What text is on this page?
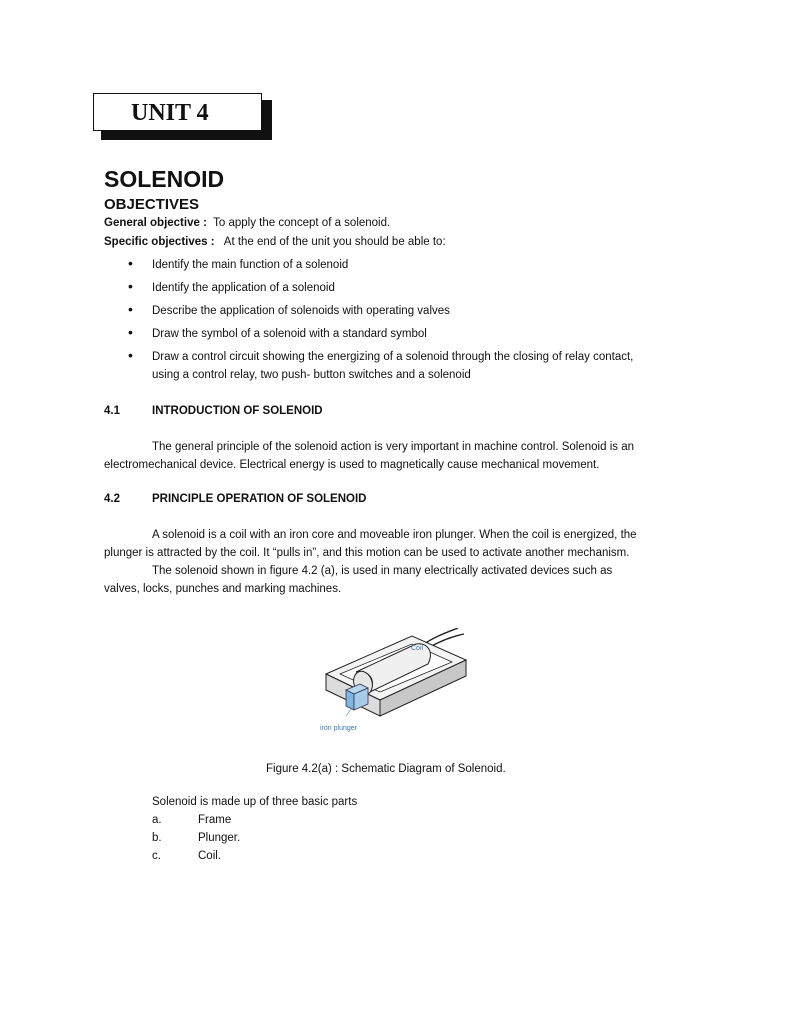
UNIT 4
SOLENOID
OBJECTIVES
General objective : To apply the concept of a solenoid.
Specific objectives : At the end of the unit you should be able to:
• Identify the main function of a solenoid
• Identify the application of a solenoid
• Describe the application of solenoids with operating valves
• Draw the symbol of a solenoid with a standard symbol
• Draw a control circuit showing the energizing of a solenoid through the closing of relay contact,
using a control relay, two push- button switches and a solenoid
4.1	INTRODUCTION OF SOLENOID
The general principle of the solenoid action is very important in machine control. Solenoid is an
electromechanical device. Electrical energy is used to magnetically cause mechanical movement.
4.2	PRINCIPLE OPERATION OF SOLENOID
A solenoid is a coil with an iron core and moveable iron plunger. When the coil is energized, the
plunger is attracted by the coil. It “pulls in”, and this motion can be used to activate another mechanism.
The solenoid shown in figure 4.2 (a), is used in many electrically activated devices such as
valves, locks, punches and marking machines.
Coil
iron plunger
Figure 4.2(a) : Schematic Diagram of Solenoid.
Solenoid is made up of three basic parts
a.	Frame
b.	Plunger.
c.	Coil.
